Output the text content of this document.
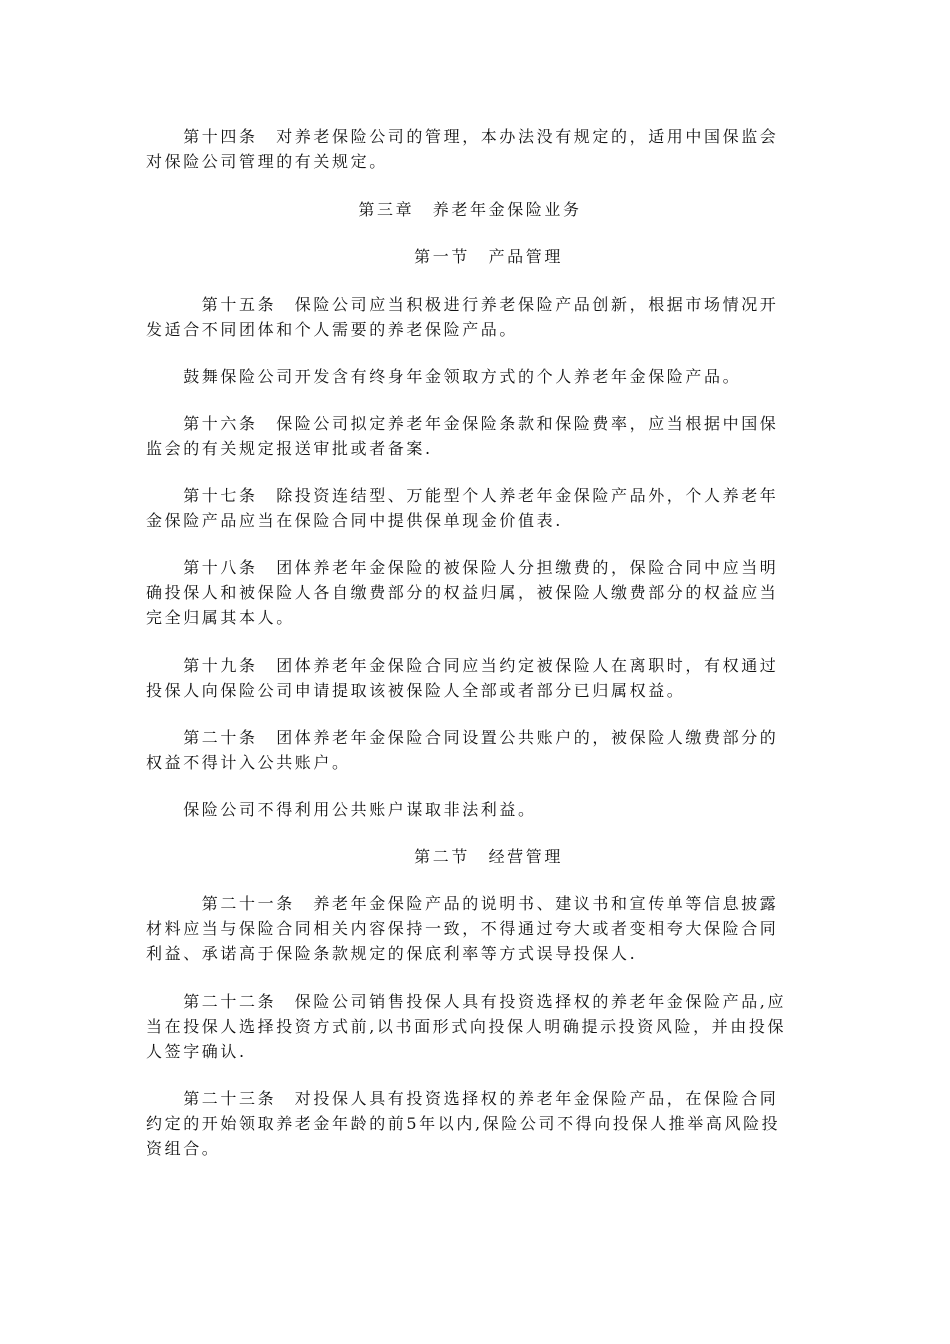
　　第十四条　对养老保险公司的管理，本办法没有规定的，适用中国保监会
对保险公司管理的有关规定。

第三章　养老年金保险业务
　　第一节　产品管理

　　　第十五条　保险公司应当积极进行养老保险产品创新，根据市场情况开
发适合不同团体和个人需要的养老保险产品。

　　鼓舞保险公司开发含有终身年金领取方式的个人养老年金保险产品。

　　第十六条　保险公司拟定养老年金保险条款和保险费率，应当根据中国保
监会的有关规定报送审批或者备案.

　　第十七条　除投资连结型、万能型个人养老年金保险产品外，个人养老年
金保险产品应当在保险合同中提供保单现金价值表.

　　第十八条　团体养老年金保险的被保险人分担缴费的，保险合同中应当明
确投保人和被保险人各自缴费部分的权益归属，被保险人缴费部分的权益应当
完全归属其本人。

　　第十九条　团体养老年金保险合同应当约定被保险人在离职时，有权通过
投保人向保险公司申请提取该被保险人全部或者部分已归属权益。

　　第二十条　团体养老年金保险合同设置公共账户的，被保险人缴费部分的
权益不得计入公共账户。

　　保险公司不得利用公共账户谋取非法利益。

　　第二节　经营管理

　　　第二十一条　养老年金保险产品的说明书、建议书和宣传单等信息披露
材料应当与保险合同相关内容保持一致，不得通过夸大或者变相夸大保险合同
利益、承诺高于保险条款规定的保底利率等方式误导投保人.

　　第二十二条　保险公司销售投保人具有投资选择权的养老年金保险产品,应
当在投保人选择投资方式前,以书面形式向投保人明确提示投资风险，并由投保
人签字确认.

　　第二十三条　对投保人具有投资选择权的养老年金保险产品，在保险合同
约定的开始领取养老金年龄的前5年以内,保险公司不得向投保人推举高风险投
资组合。
